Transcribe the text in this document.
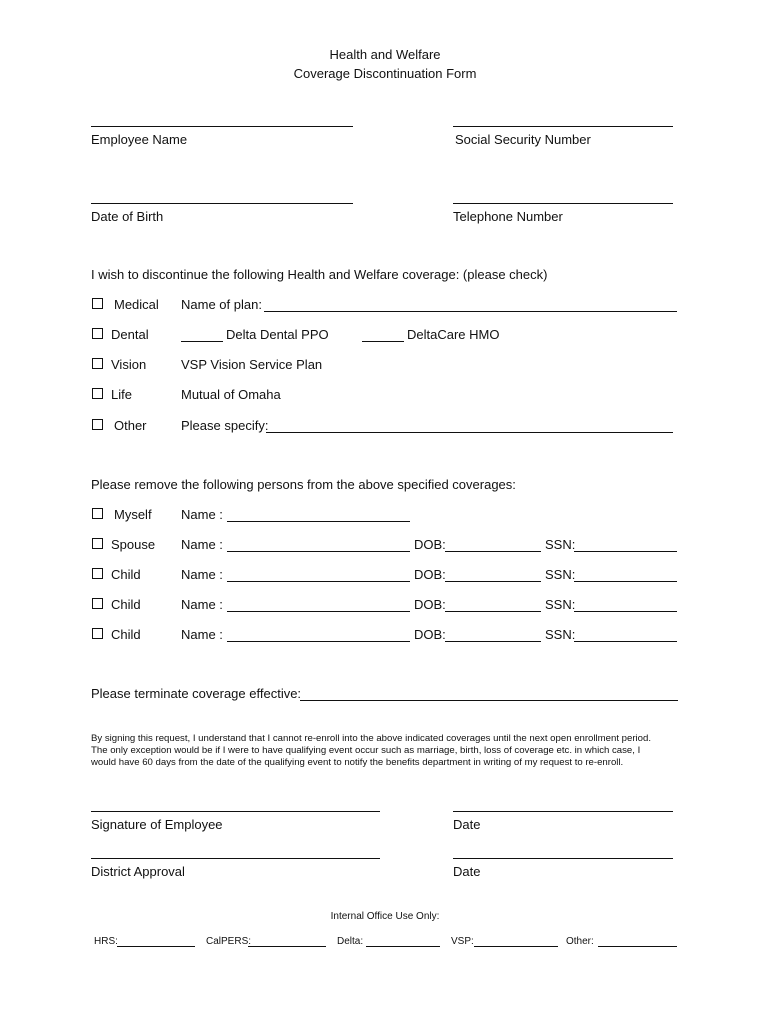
Health and Welfare
Coverage Discontinuation Form
Employee Name	Social Security Number
Date of Birth	Telephone Number
I wish to discontinue the following Health and Welfare coverage: (please check)
Medical Name of plan:
Dental	Delta Dental PPO	DeltaCare HMO
Vision	VSP Vision Service Plan
Life	Mutual of Omaha
Other	Please specify:
Please remove the following persons from the above specified coverages:
Myself Name :
Spouse Name :	DOB:	SSN:
Child	Name :	DOB:	SSN:
Child	Name :	DOB:	SSN:
Child	Name :	DOB:	SSN:
Please terminate coverage effective:
By signing this request, I understand that I cannot re-enroll into the above indicated coverages until the next open enrollment period.
The only exception would be if I were to have qualifying event occur such as marriage, birth, loss of coverage etc. in which case, I
would have 60 days from the date of the qualifying event to notify the benefits department in writing of my request to re-enroll.
Signature of Employee	Date
District Approval	Date
Internal Office Use Only:
HRS:	CalPERS:	Delta:	VSP:	Other:
